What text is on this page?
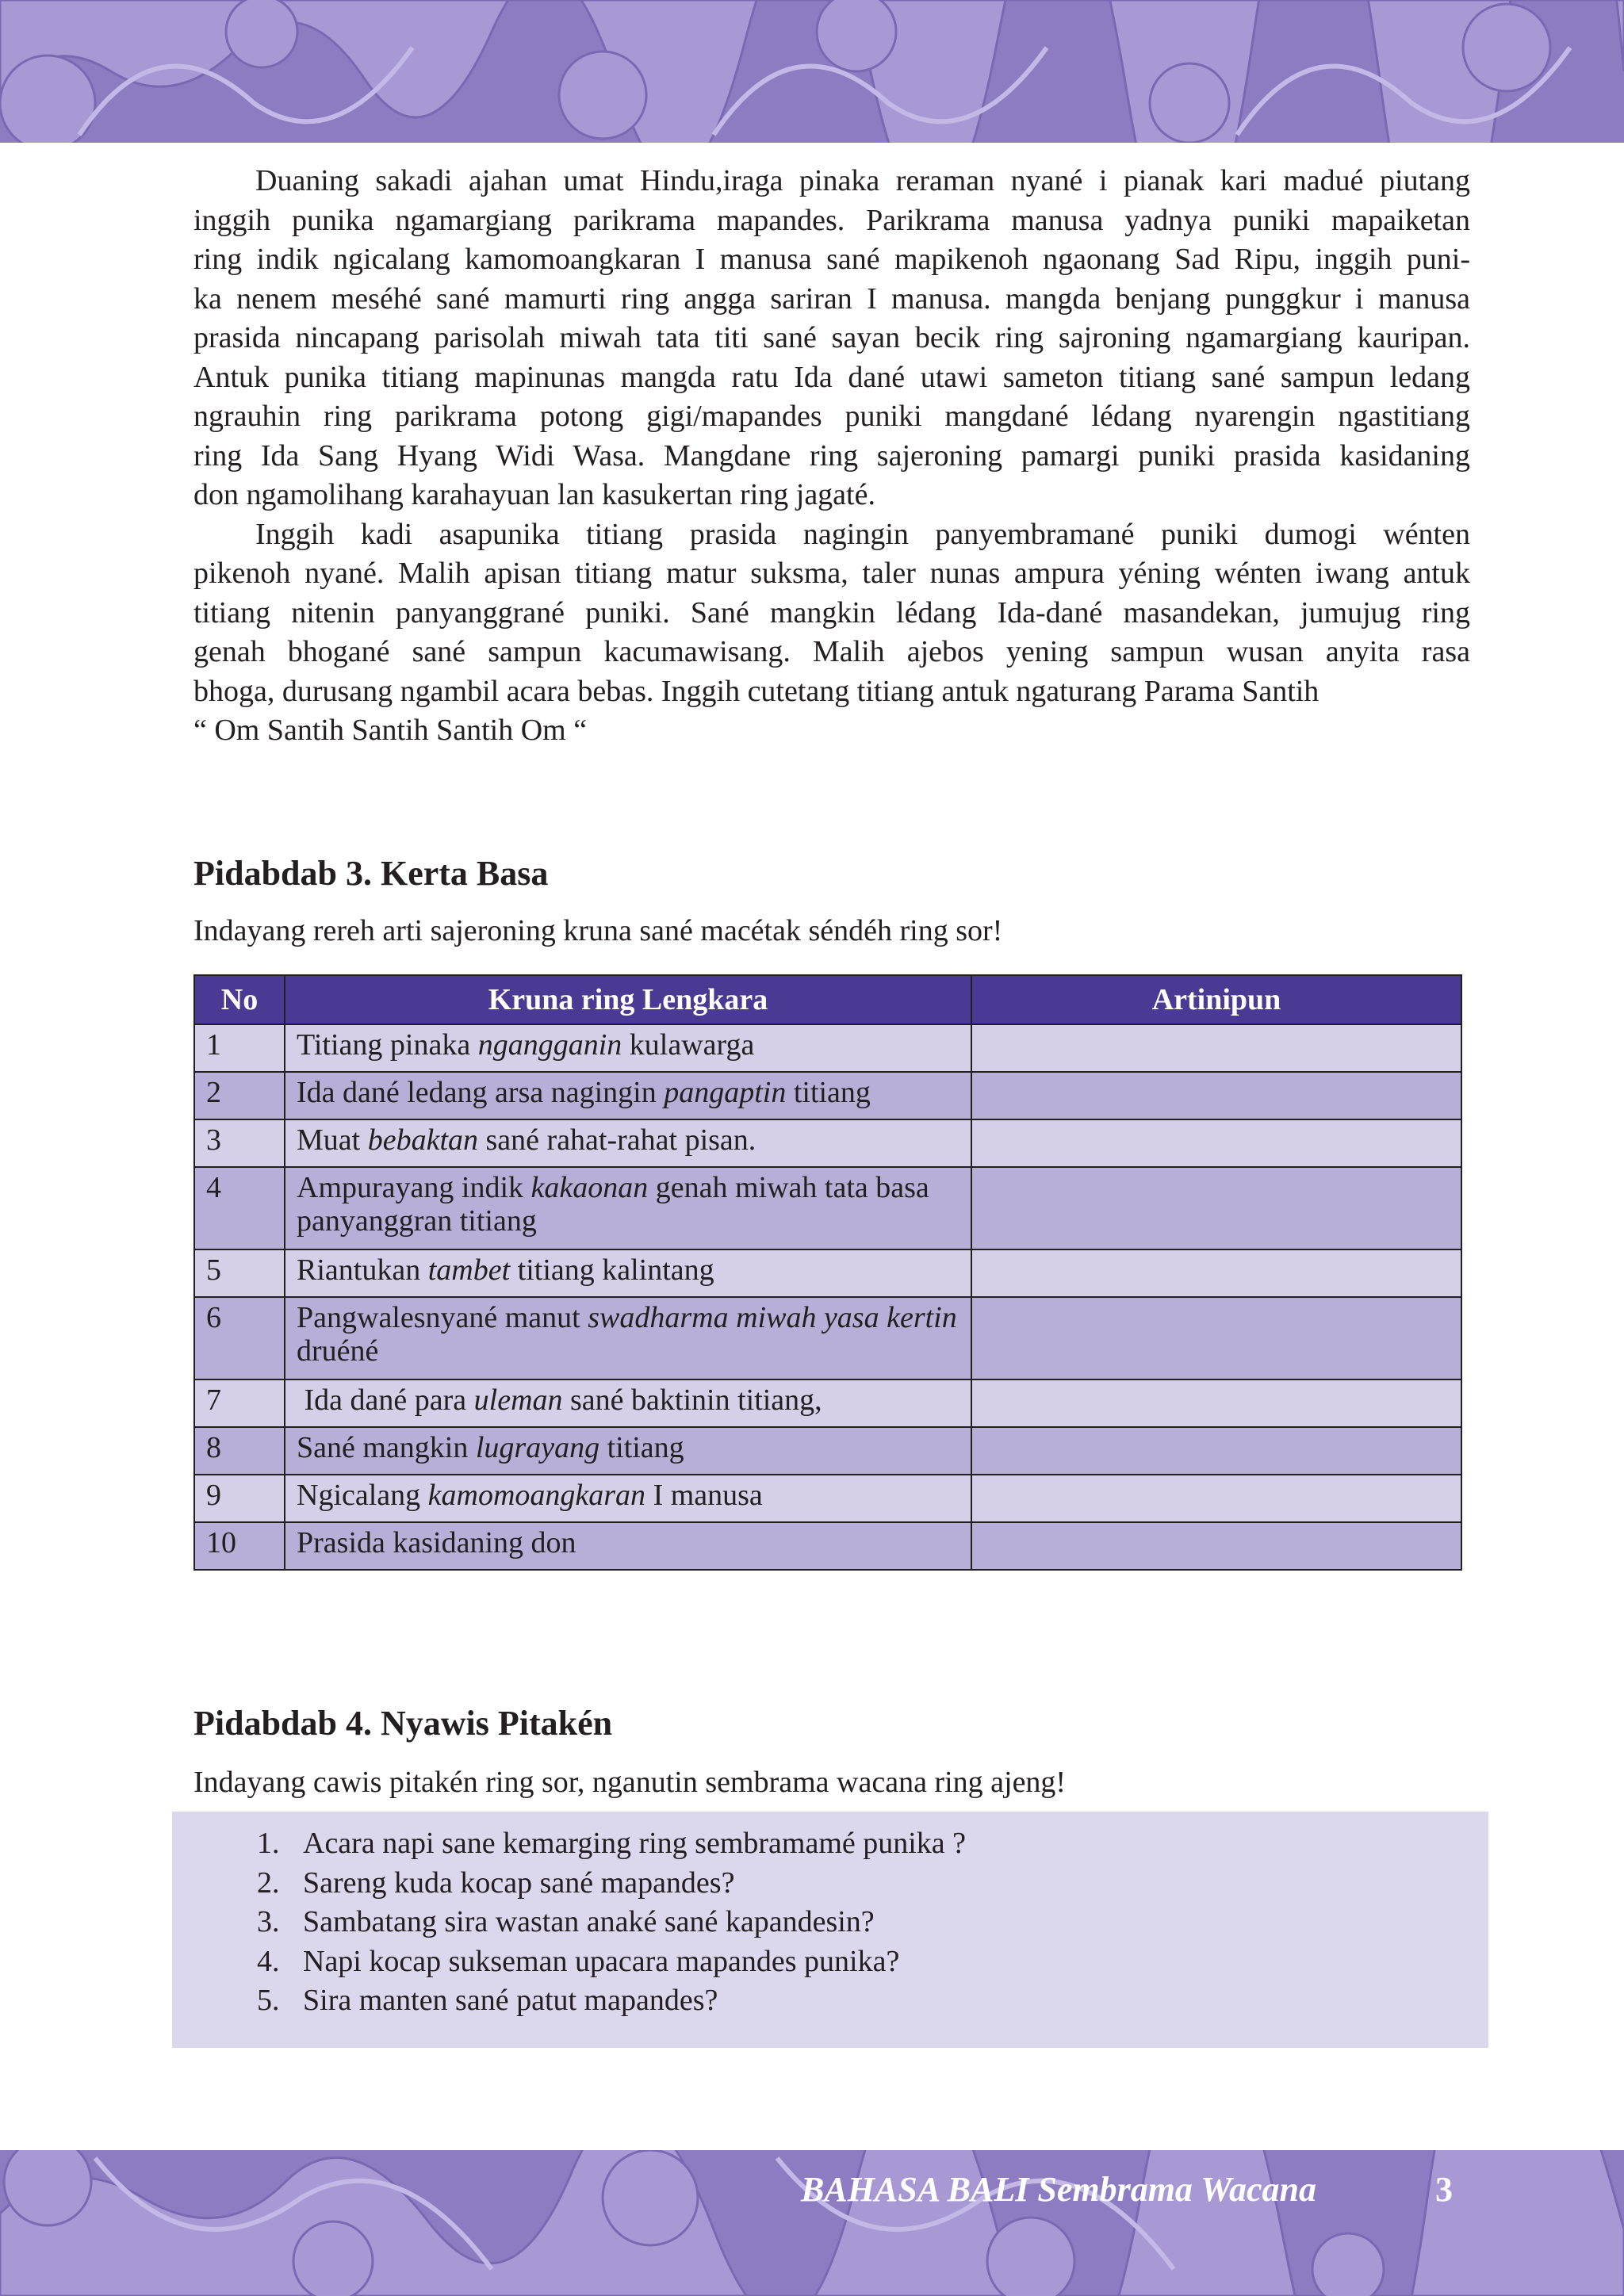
Duaning sakadi ajahan umat Hindu,iraga pinaka reraman nyané i pianak kari madué piutang
inggih punika ngamargiang parikrama mapandes. Parikrama manusa yadnya puniki mapaiketan
ring indik ngicalang kamomoangkaran I manusa sané mapikenoh ngaonang Sad Ripu, inggih puni-
ka nenem meséhé sané mamurti ring angga sariran I manusa. mangda benjang punggkur i manusa
prasida nincapang parisolah miwah tata titi sané sayan becik ring sajroning ngamargiang kauripan.
Antuk punika titiang mapinunas mangda ratu Ida dané utawi sameton titiang sané sampun ledang
ngrauhin ring parikrama potong gigi/mapandes puniki mangdané lédang nyarengin ngastitiang
ring Ida Sang Hyang Widi Wasa. Mangdane ring sajeroning pamargi puniki prasida kasidaning
don ngamolihang karahayuan lan kasukertan ring jagaté.

Inggih kadi asapunika titiang prasida nagingin panyembramané puniki dumogi wénten
pikenoh nyané. Malih apisan titiang matur suksma, taler nunas ampura yéning wénten iwang antuk
titiang nitenin panyanggrané puniki. Sané mangkin lédang Ida-dané masandekan, jumujug ring
genah bhogané sané sampun kacumawisang. Malih ajebos yening sampun wusan anyita rasa
bhoga, durusang ngambil acara bebas. Inggih cutetang titiang antuk ngaturang Parama Santih
“ Om Santih Santih Santih Om “

Pidabdab 3. Kerta Basa

Indayang rereh arti sajeroning kruna sané macétak séndéh ring sor!

No	Kruna ring Lengkara	Artinipun
1	Titiang pinaka ngangganin kulawarga	
2	Ida dané ledang arsa nagingin pangaptin titiang	
3	Muat bebaktan sané rahat-rahat pisan.	
4	Ampurayang indik kakaonan genah miwah tata basa panyanggran titiang	
5	Riantukan tambet titiang kalintang	
6	Pangwalesnyané manut swadharma miwah yasa kertin druéné	
7	Ida dané para uleman sané baktinin titiang,	
8	Sané mangkin lugrayang titiang	
9	Ngicalang kamomoangkaran I manusa	
10	Prasida kasidaning don	
Pidabdab 4. Nyawis Pitakén

Indayang cawis pitakén ring sor, nganutin sembrama wacana ring ajeng!

1. Acara napi sane kemarging ring sembramamé punika ?
2. Sareng kuda kocap sané mapandes?
3. Sambatang sira wastan anaké sané kapandesin?
4. Napi kocap sukseman upacara mapandes punika?
5. Sira manten sané patut mapandes?
BAHASA BALI Sembrama Wacana	3
